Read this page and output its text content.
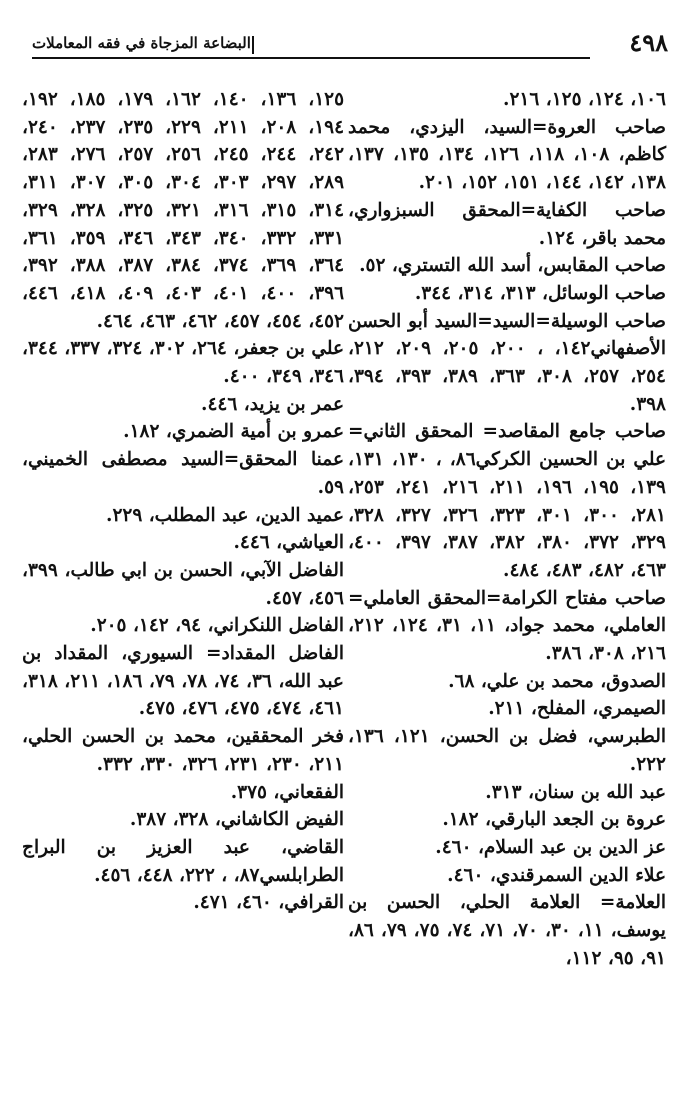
٤٩٨
البضاعة المزجاة في فقه المعاملات
١٠٦، ١٢٤، ١٢٥، ٢١٦.
صاحب العروة=السيد، اليزدي، محمد كاظم، ١٠٨، ١١٨، ١٢٦، ١٣٤، ١٣٥، ١٣٧، ١٣٨، ١٤٢، ١٤٤، ١٥١، ١٥٢، ٢٠١.
صاحب الكفاية=المحقق السبزواري، محمد باقر، ١٢٤.
صاحب المقابس، أسد الله التستري، ٥٢.
صاحب الوسائل، ٣١٣، ٣١٤، ٣٤٤.
صاحب الوسيلة=السيد=السيد أبو الحسن الأصفهاني١٤٢، ، ٢٠٠، ٢٠٥، ٢٠٩، ٢١٢، ٢٥٤، ٢٥٧، ٣٠٨، ٣٦٣، ٣٨٩، ٣٩٣، ٣٩٤، ٣٩٨.
صاحب جامع المقاصد= المحقق الثاني= علي بن الحسين الكركي٨٦، ، ١٣٠، ١٣١، ١٣٩، ١٩٥، ١٩٦، ٢١١، ٢١٦، ٢٤١، ٢٥٣، ٢٨١، ٣٠٠، ٣٠١، ٣٢٣، ٣٢٦، ٣٢٧، ٣٢٨، ٣٢٩، ٣٧٢، ٣٨٠، ٣٨٢، ٣٨٧، ٣٩٧، ٤٠٠، ٤٦٣، ٤٨٢، ٤٨٣، ٤٨٤.
صاحب مفتاح الكرامة=المحقق العاملي= العاملي، محمد جواد، ١١، ٣١، ١٢٤، ٢١٢، ٢١٦، ٣٠٨، ٣٨٦.
الصدوق، محمد بن علي، ٦٨.
الصيمري، المفلح، ٢١١.
الطبرسي، فضل بن الحسن، ١٢١، ١٣٦، ٢٢٢.
عبد الله بن سنان، ٣١٣.
عروة بن الجعد البارقي، ١٨٢.
عز الدين بن عبد السلام، ٤٦٠.
علاء الدين السمرقندي، ٤٦٠.
العلامة= العلامة الحلي، الحسن بن يوسف، ١١، ٣٠، ٧٠، ٧١، ٧٤، ٧٥، ٧٩، ٨٦، ٩١، ٩٥، ١١٢،
١٢٥، ١٣٦، ١٤٠، ١٦٢، ١٧٩، ١٨٥، ١٩٢، ١٩٤، ٢٠٨، ٢١١، ٢٢٩، ٢٣٥، ٢٣٧، ٢٤٠، ٢٤٢، ٢٤٤، ٢٤٥، ٢٥٦، ٢٥٧، ٢٧٦، ٢٨٣، ٢٨٩، ٢٩٧، ٣٠٣، ٣٠٤، ٣٠٥، ٣٠٧، ٣١١، ٣١٤، ٣١٥، ٣١٦، ٣٢١، ٣٢٥، ٣٢٨، ٣٢٩، ٣٣١، ٣٣٢، ٣٤٠، ٣٤٣، ٣٤٦، ٣٥٩، ٣٦١، ٣٦٤، ٣٦٩، ٣٧٤، ٣٨٤، ٣٨٧، ٣٨٨، ٣٩٢، ٣٩٦، ٤٠٠، ٤٠١، ٤٠٣، ٤٠٩، ٤١٨، ٤٤٦، ٤٥٢، ٤٥٤، ٤٥٧، ٤٦٢، ٤٦٣، ٤٦٤.
علي بن جعفر، ٢٦٤، ٣٠٢، ٣٢٤، ٣٣٧، ٣٤٤، ٣٤٦، ٣٤٩، ٤٠٠.
عمر بن يزيد، ٤٤٦.
عمرو بن أمية الضمري، ١٨٢.
عمنا المحقق=السيد مصطفى الخميني، ٥٩.
عميد الدين، عبد المطلب، ٢٢٩.
العياشي، ٤٤٦.
الفاضل الآبي، الحسن بن ابي طالب، ٣٩٩، ٤٥٦، ٤٥٧.
الفاضل اللنكراني، ٩٤، ١٤٢، ٢٠٥.
الفاضل المقداد= السيوري، المقداد بن عبد الله، ٣٦، ٧٤، ٧٨، ٧٩، ١٨٦، ٢١١، ٣١٨، ٤٦١، ٤٧٤، ٤٧٥، ٤٧٦، ٤٧٥.
فخر المحققين، محمد بن الحسن الحلي، ٢١١، ٢٣٠، ٢٣١، ٣٢٦، ٣٣٠، ٣٣٢.
الفقعاني، ٣٧٥.
الفيض الكاشاني، ٣٢٨، ٣٨٧.
القاضي، عبد العزيز بن البراج الطرابلسي٨٧، ، ٢٢٢، ٤٤٨، ٤٥٦.
القرافي، ٤٦٠، ٤٧١.
